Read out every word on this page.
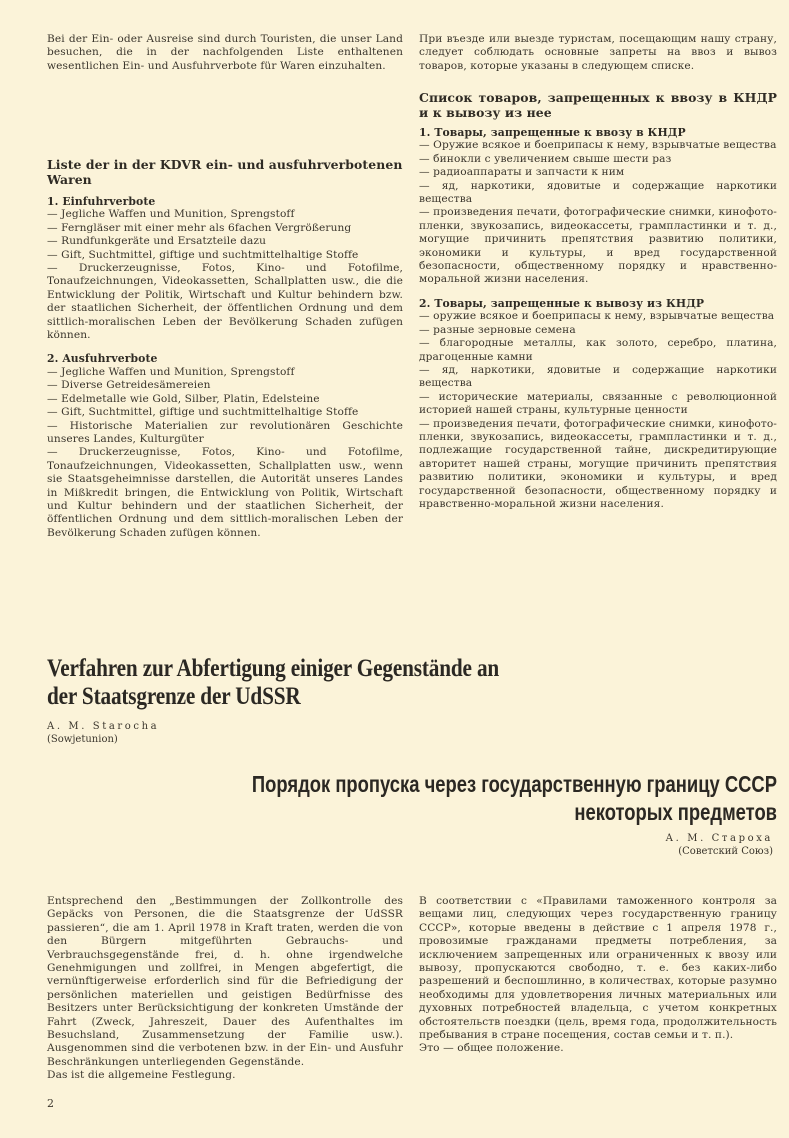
Bei der Ein- oder Ausreise sind durch Touristen, die unser Land besuchen, die in der nachfolgenden Liste enthaltenen wesentlichen Ein- und Ausfuhrverbote für Waren einzuhalten.

Liste der in der KDVR ein- und ausfuhrverbotenen Waren

1. Einfuhrverbote

— Jegliche Waffen und Munition, Sprengstoff

— Ferngläser mit einer mehr als 6fachen Vergrößerung

— Rundfunkgeräte und Ersatzteile dazu

— Gift, Suchtmittel, giftige und suchtmittelhaltige Stoffe

— Druckerzeugnisse, Fotos, Kino- und Fotofilme, Tonaufzeichnungen, Videokassetten, Schallplatten usw., die die Entwicklung der Politik, Wirtschaft und Kultur behindern bzw. der staatlichen Sicherheit, der öffentlichen Ordnung und dem sittlich-moralischen Leben der Bevölkerung Schaden zufügen können.

2. Ausfuhrverbote

— Jegliche Waffen und Munition, Sprengstoff

— Diverse Getreidesämereien

— Edelmetalle wie Gold, Silber, Platin, Edelsteine

— Gift, Suchtmittel, giftige und suchtmittelhaltige Stoffe

— Historische Materialien zur revolutionären Geschichte unseres Landes, Kulturgüter

— Druckerzeugnisse, Fotos, Kino- und Fotofilme, Tonaufzeichnungen, Videokassetten, Schallplatten usw., wenn sie Staatsgeheimnisse darstellen, die Autorität unseres Landes in Mißkredit bringen, die Entwicklung von Politik, Wirtschaft und Kultur behindern und der staatlichen Sicherheit, der öffentlichen Ordnung und dem sittlich-moralischen Leben der Bevölkerung Schaden zufügen können.

При въезде или выезде туристам, посещающим нашу страну, следует соблюдать основные запреты на ввоз и вывоз товаров, которые указаны в следующем списке.

Список товаров, запрещенных к ввозу в КНДР и к вывозу из нее

1. Товары, запрещенные к ввозу в КНДР

— Оружие всякое и боеприпасы к нему, взрывчатые вещества

— бинокли с увеличением свыше шести раз

— радиоаппараты и запчасти к ним

— яд, наркотики, ядовитые и содержащие наркотики вещества

— произведения печати, фотографические снимки, кинофото-пленки, звукозапись, видеокассеты, грампластинки и т. д., могущие причинить препятствия развитию политики, экономики и культуры, и вред государственной безопасности, общественному порядку и нравственно-моральной жизни населения.

2. Товары, запрещенные к вывозу из КНДР

— оружие всякое и боеприпасы к нему, взрывчатые вещества

— разные зерновые семена

— благородные металлы, как золото, серебро, платина, драгоценные камни

— яд, наркотики, ядовитые и содержащие наркотики вещества

— исторические материалы, связанные с революционной историей нашей страны, культурные ценности

— произведения печати, фотографические снимки, кинофото-пленки, звукозапись, видеокассеты, грампластинки и т. д., подлежащие государственной тайне, дискредитирующие авторитет нашей страны, могущие причинить препятствия развитию политики, экономики и культуры, и вред государственной безопасности, общественному порядку и нравственно-моральной жизни населения.

Verfahren zur Abfertigung einiger Gegenstände an der Staatsgrenze der UdSSR
A. M. Starocha
(Sowjetunion)
Порядок пропуска через государственную границу СССР
некоторых предметов
А. М. Староха
(Советский Союз)

Entsprechend den „Bestimmungen der Zollkontrolle des Gepäcks von Personen, die die Staatsgrenze der UdSSR passieren“, die am 1. April 1978 in Kraft traten, werden die von den Bürgern mitgeführten Gebrauchs- und Verbrauchsgegenstände frei, d. h. ohne irgendwelche Genehmigungen und zollfrei, in Mengen abgefertigt, die vernünftigerweise erforderlich sind für die Befriedigung der persönlichen materiellen und geistigen Bedürfnisse des Besitzers unter Berücksichtigung der konkreten Umstände der Fahrt (Zweck, Jahreszeit, Dauer des Aufenthaltes im Besuchsland, Zusammensetzung der Familie usw.). Ausgenommen sind die verbotenen bzw. in der Ein- und Ausfuhr Beschränkungen unterliegenden Gegenstände.

Das ist die allgemeine Festlegung.

В соответствии с «Правилами таможенного контроля за вещами лиц, следующих через государственную границу СССР», которые введены в действие с 1 апреля 1978 г., провозимые гражданами предметы потребления, за исключением запрещенных или ограниченных к ввозу или вывозу, пропускаются свободно, т. е. без каких-либо разрешений и беспошлинно, в количествах, которые разумно необходимы для удовлетворения личных материальных или духовных потребностей владельца, с учетом конкретных обстоятельств поездки (цель, время года, продолжительность пребывания в стране посещения, состав семьи и т. п.).

Это — общее положение.

2
